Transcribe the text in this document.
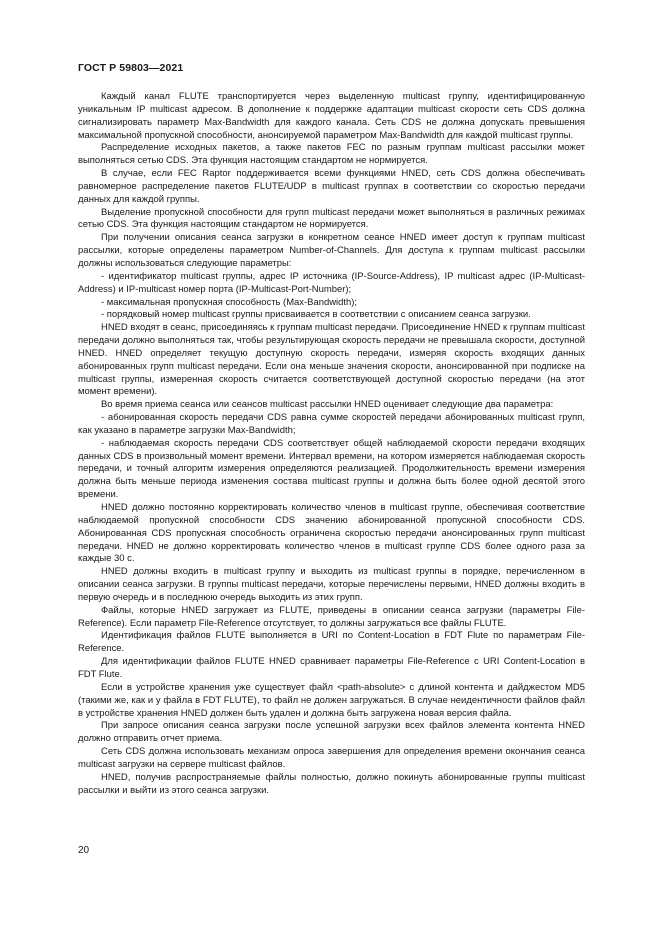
ГОСТ Р 59803—2021

Каждый канал FLUTE транспортируется через выделенную multicast группу, идентифицированную уникальным IP multicast адресом. В дополнение к поддержке адаптации multicast скорости сеть CDS должна сигнализировать параметр Max-Bandwidth для каждого канала. Сеть CDS не должна допускать превышения максимальной пропускной способности, анонсируемой параметром Max-Bandwidth для каждой multicast группы.

Распределение исходных пакетов, а также пакетов FEC по разным группам multicast рассылки может выполняться сетью CDS. Эта функция настоящим стандартом не нормируется.

В случае, если FEC Raptor поддерживается всеми функциями HNED, сеть CDS должна обеспечивать равномерное распределение пакетов FLUTE/UDP в multicast группах в соответствии со скоростью передачи данных для каждой группы.

Выделение пропускной способности для групп multicast передачи может выполняться в различных режимах сетью CDS. Эта функция настоящим стандартом не нормируется.

При получении описания сеанса загрузки в конкретном сеансе HNED имеет доступ к группам multicast рассылки, которые определены параметром Number-of-Channels. Для доступа к группам multicast рассылки должны использоваться следующие параметры:

- идентификатор multicast группы, адрес IP источника (IP-Source-Address), IP multicast адрес (IP-Multicast-Address) и IP-multicast номер порта (IP-Multicast-Port-Number);

- максимальная пропускная способность (Max-Bandwidth);

- порядковый номер multicast группы присваивается в соответствии с описанием сеанса загрузки.

HNED входят в сеанс, присоединяясь к группам multicast передачи. Присоединение HNED к группам multicast передачи должно выполняться так, чтобы результирующая скорость передачи не превышала скорости, доступной HNED. HNED определяет текущую доступную скорость передачи, измеряя скорость входящих данных абонированных групп multicast передачи. Если она меньше значения скорости, анонсированной при подписке на multicast группы, измеренная скорость считается соответствующей доступной скоростью передачи (на этот момент времени).

Во время приема сеанса или сеансов multicast рассылки HNED оценивает следующие два параметра:

- абонированная скорость передачи CDS равна сумме скоростей передачи абонированных multicast групп, как указано в параметре загрузки Max-Bandwidth;

- наблюдаемая скорость передачи CDS соответствует общей наблюдаемой скорости передачи входящих данных CDS в произвольный момент времени. Интервал времени, на котором измеряется наблюдаемая скорость передачи, и точный алгоритм измерения определяются реализацией. Продолжительность времени измерения должна быть меньше периода изменения состава multicast группы и должна быть более одной десятой этого времени.

HNED должно постоянно корректировать количество членов в multicast группе, обеспечивая соответствие наблюдаемой пропускной способности CDS значению абонированной пропускной способности CDS. Абонированная CDS пропускная способность ограничена скоростью передачи анонсированных групп multicast передачи. HNED не должно корректировать количество членов в multicast группе CDS более одного раза за каждые 30 с.

HNED должны входить в multicast группу и выходить из multicast группы в порядке, перечисленном в описании сеанса загрузки. В группы multicast передачи, которые перечислены первыми, HNED должны входить в первую очередь и в последнюю очередь выходить из этих групп.

Файлы, которые HNED загружает из FLUTE, приведены в описании сеанса загрузки (параметры File-Reference). Если параметр File-Reference отсутствует, то должны загружаться все файлы FLUTE.

Идентификация файлов FLUTE выполняется в URI по Content-Location в FDT Flute по параметрам File-Reference.

Для идентификации файлов FLUTE HNED сравнивает параметры File-Reference с URI Content-Location в FDT Flute.

Если в устройстве хранения уже существует файл <path-absolute> с длиной контента и дайджестом MD5 (такими же, как и у файла в FDT FLUTE), то файл не должен загружаться. В случае неидентичности файлов файл в устройстве хранения HNED должен быть удален и должна быть загружена новая версия файла.

При запросе описания сеанса загрузки после успешной загрузки всех файлов элемента контента HNED должно отправить отчет приема.

Сеть CDS должна использовать механизм опроса завершения для определения времени окончания сеанса multicast загрузки на сервере multicast файлов.

HNED, получив распространяемые файлы полностью, должно покинуть абонированные группы multicast рассылки и выйти из этого сеанса загрузки.

20
